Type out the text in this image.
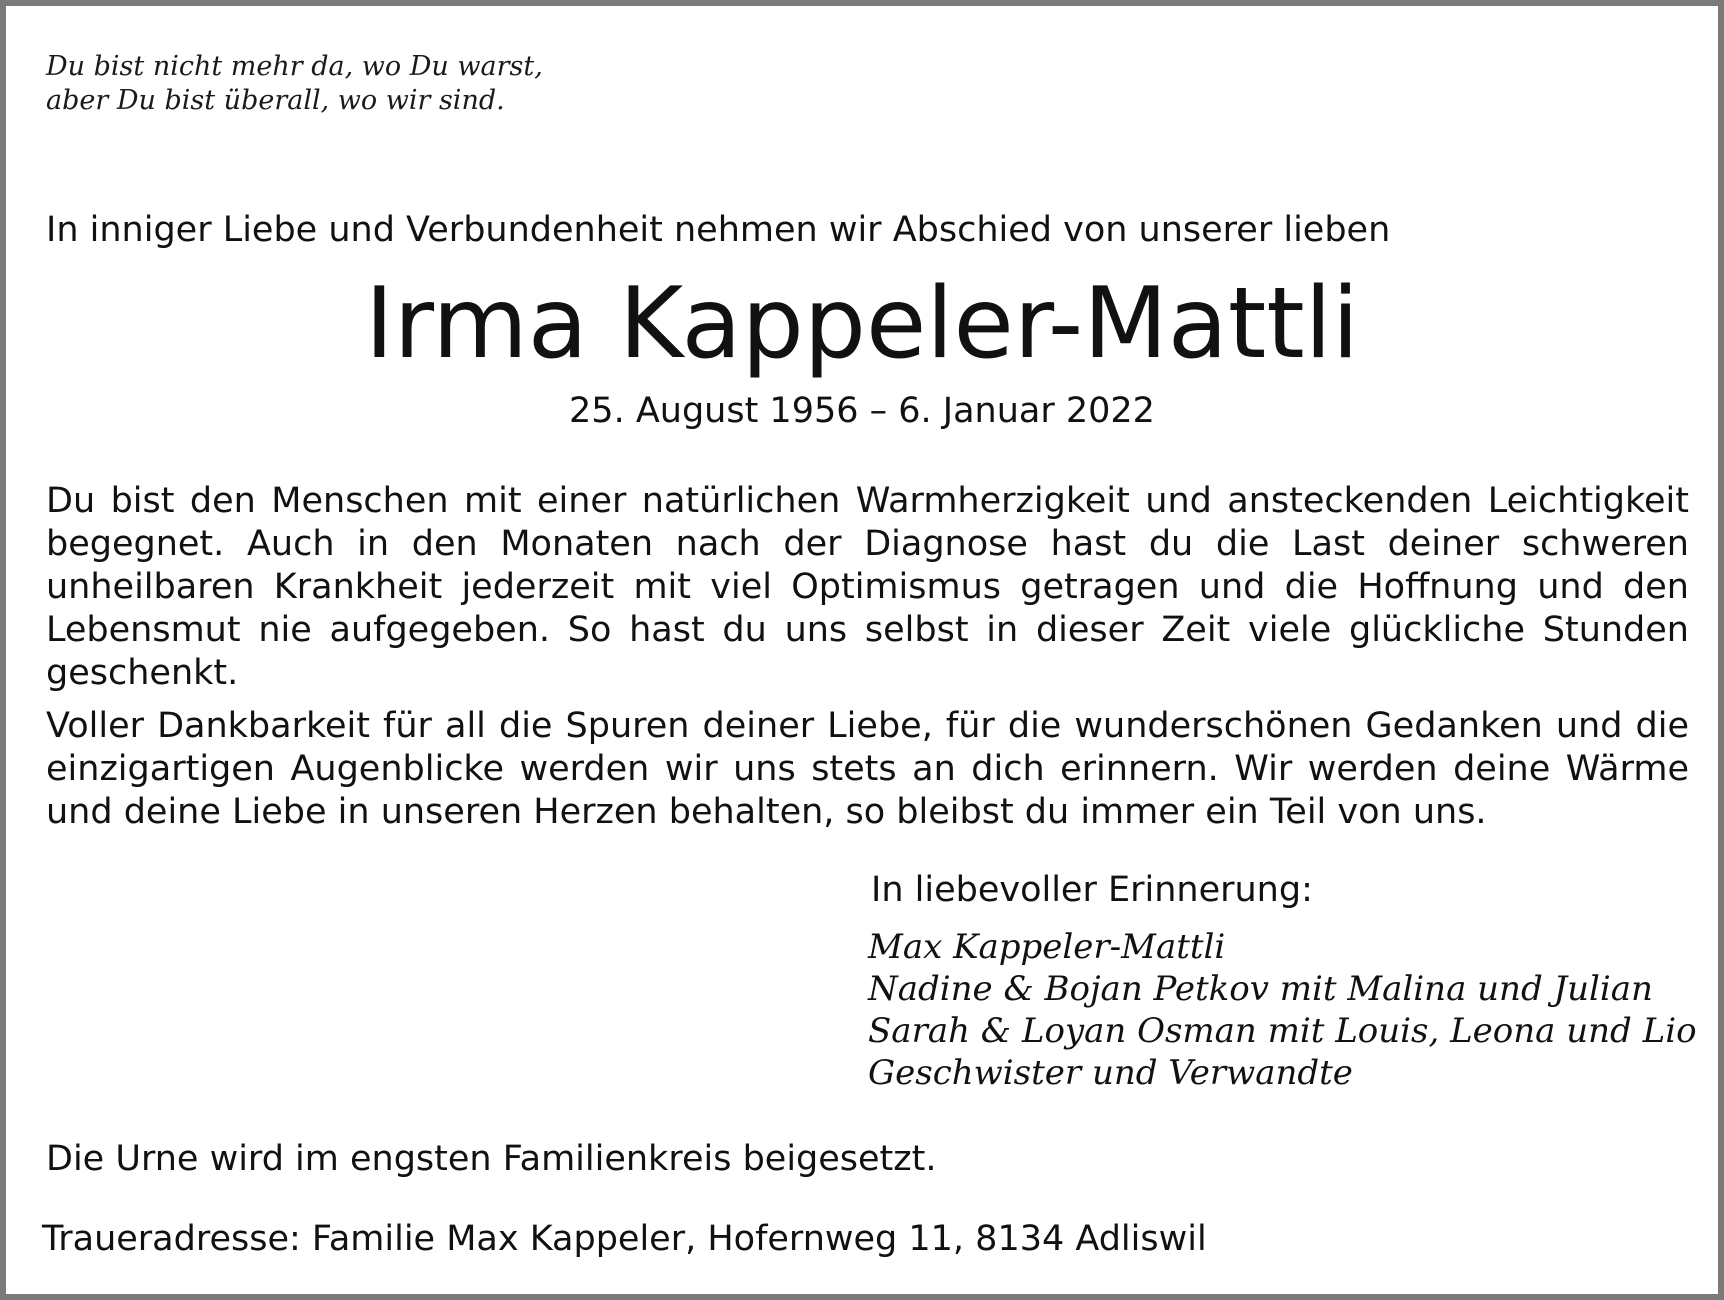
Du bist nicht mehr da, wo Du warst,
aber Du bist überall, wo wir sind.
In inniger Liebe und Verbundenheit nehmen wir Abschied von unserer lieben
Irma Kappeler-Mattli
25. August 1956 – 6. Januar 2022
Du bist den Menschen mit einer natürlichen Warmherzigkeit und ansteckenden Leichtigkeit begegnet. Auch in den Monaten nach der Diagnose hast du die Last deiner schweren unheilbaren Krankheit jederzeit mit viel Optimismus getragen und die Hoffnung und den Lebensmut nie aufgegeben. So hast du uns selbst in dieser Zeit viele glückliche Stunden geschenkt.
Voller Dankbarkeit für all die Spuren deiner Liebe, für die wunderschönen Gedanken und die einzigartigen Augenblicke werden wir uns stets an dich erinnern. Wir werden deine Wärme und deine Liebe in unseren Herzen behalten, so bleibst du immer ein Teil von uns.
In liebevoller Erinnerung:
Max Kappeler-Mattli
Nadine & Bojan Petkov mit Malina und Julian
Sarah & Loyan Osman mit Louis, Leona und Lio
Geschwister und Verwandte
Die Urne wird im engsten Familienkreis beigesetzt.
Traueradresse: Familie Max Kappeler, Hofernweg 11, 8134 Adliswil
